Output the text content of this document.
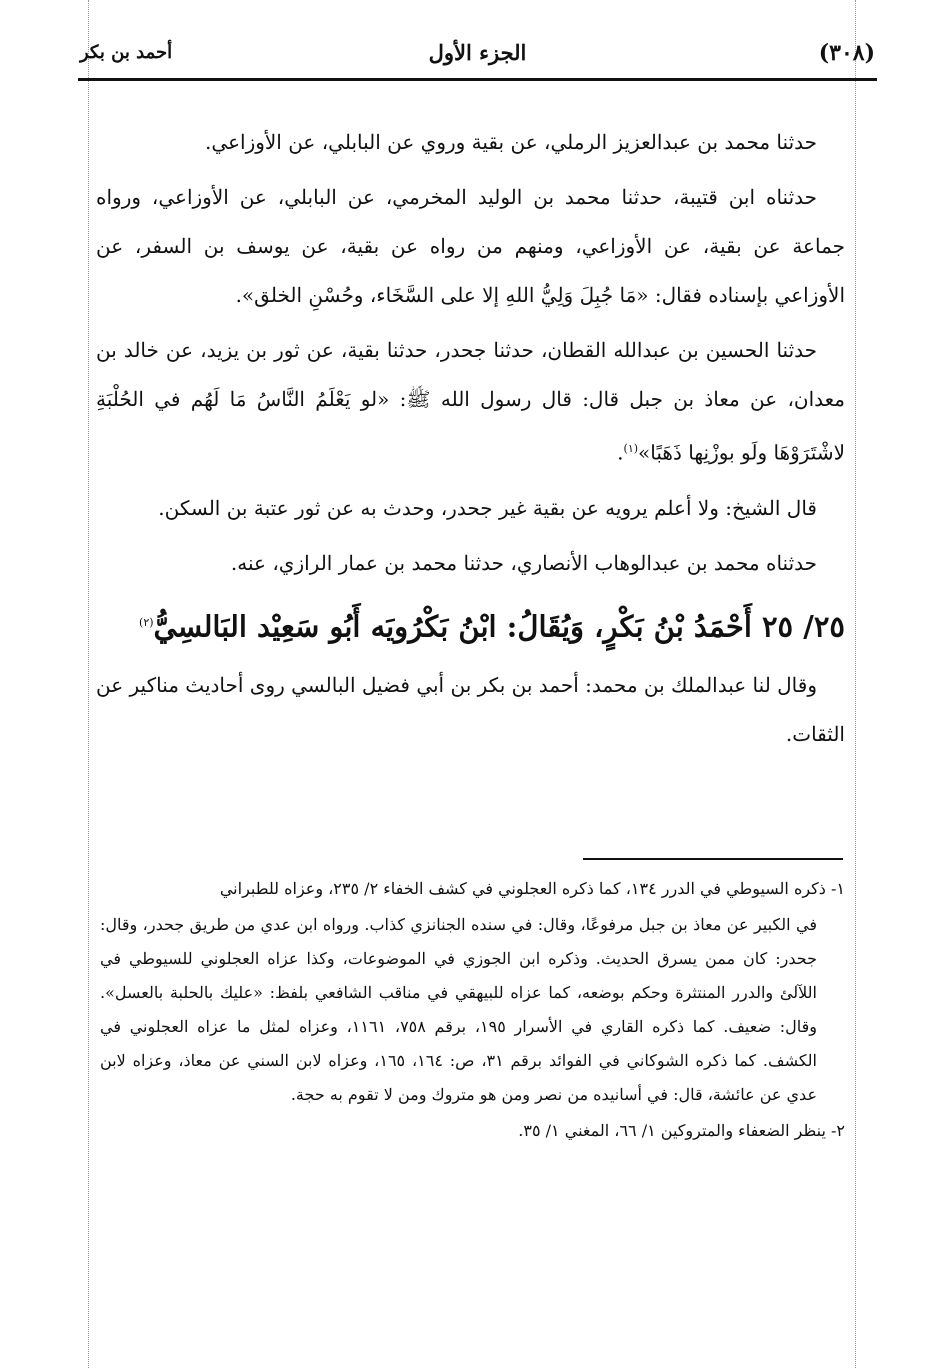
(٣٠٨)
الجزء الأول
أحمد بن بكر

حدثنا محمد بن عبدالعزيز الرملي، عن بقية وروي عن البابلي، عن الأوزاعي.

حدثناه ابن قتيبة، حدثنا محمد بن الوليد المخرمي، عن البابلي، عن الأوزاعي، ورواه جماعة عن بقية، عن الأوزاعي، ومنهم من رواه عن بقية، عن يوسف بن السفر، عن الأوزاعي بإسناده فقال: «مَا جُبِلَ وَلِيُّ اللهِ إلا على السَّخَاء، وحُسْنِ الخلق».

حدثنا الحسين بن عبدالله القطان، حدثنا جحدر، حدثنا بقية، عن ثور بن يزيد، عن خالد بن معدان، عن معاذ بن جبل قال: قال رسول الله ﷺ: «لو يَعْلَمُ النَّاسُ مَا لَهُم في الحُلْبَةِ لاشْتَرَوْهَا ولَو بوزْنِها ذَهَبًا»$^{(١)}$.

قال الشيخ: ولا أعلم يرويه عن بقية غير جحدر، وحدث به عن ثور عتبة بن السكن.

حدثناه محمد بن عبدالوهاب الأنصاري، حدثنا محمد بن عمار الرازي، عنه.

٢٥/ ٢٥ أَحْمَدُ بْنُ بَكْرٍ، وَيُقَالُ: ابْنُ بَكْرُويَه أَبُو سَعِيْد البَالسِيُّ$^{(٢)}$

وقال لنا عبدالملك بن محمد: أحمد بن بكر بن أبي فضيل البالسي روى أحاديث مناكير عن الثقات.

١- ذكره السيوطي في الدرر ١٣٤، كما ذكره العجلوني في كشف الخفاء ٢/ ٢٣٥، وعزاه للطبراني

في الكبير عن معاذ بن جبل مرفوعًا، وقال: في سنده الجنانزي كذاب. ورواه ابن عدي من طريق جحدر، وقال: جحدر: كان ممن يسرق الحديث. وذكره ابن الجوزي في الموضوعات، وكذا عزاه العجلوني للسيوطي في اللآلئ والدرر المنتثرة وحكم بوضعه، كما عزاه للبيهقي في مناقب الشافعي بلفظ: «عليك بالحلبة بالعسل». وقال: ضعيف. كما ذكره القاري في الأسرار ١٩٥، برقم ٧٥٨، ١١٦١، وعزاه لمثل ما عزاه العجلوني في الكشف. كما ذكره الشوكاني في الفوائد برقم ٣١، ص: ١٦٤، ١٦٥، وعزاه لابن السني عن معاذ، وعزاه لابن عدي عن عائشة، قال: في أسانيده من نصر ومن هو متروك ومن لا تقوم به حجة.

٢- ينظر الضعفاء والمتروكين ١/ ٦٦، المغني ١/ ٣٥.
